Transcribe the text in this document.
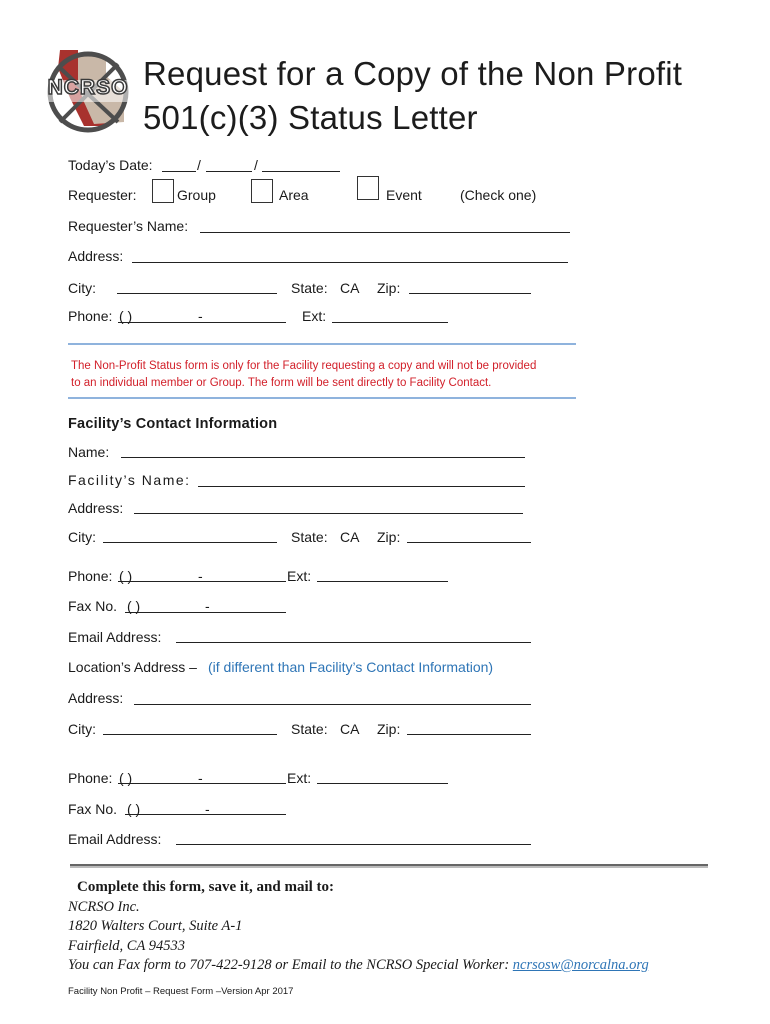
NCRSO Request for a Copy of the Non Profit
501(c)(3) Status Letter
Today’s Date:	/	/
Requester:	Group	Area	Event	(Check one)
Requester’s Name:
Address:
City:	State: CA Zip:
Phone: ( )	-	Ext:
The Non-Profit Status form is only for the Facility requesting a copy and will not be provided
to an individual member or Group. The form will be sent directly to Facility Contact.
Facility’s Contact Information
Name:
Facility’s Name:
Address:
City:	State: CA Zip:
Phone: ( )	-	Ext:
Fax No. ( )	-
Email Address:
Location’s Address – (if different than Facility’s Contact Information)
Address:
City:	State: CA Zip:
Phone: ( )	-	Ext:
Fax No. ( )	-
Email Address:
Complete this form, save it, and mail to:
NCRSO Inc.
1820 Walters Court, Suite A-1
Fairfield, CA 94533
You can Fax form to 707-422-9128 or Email to the NCRSO Special Worker: ncrsosw@norcalna.org
Facility Non Profit – Request Form –Version Apr 2017
